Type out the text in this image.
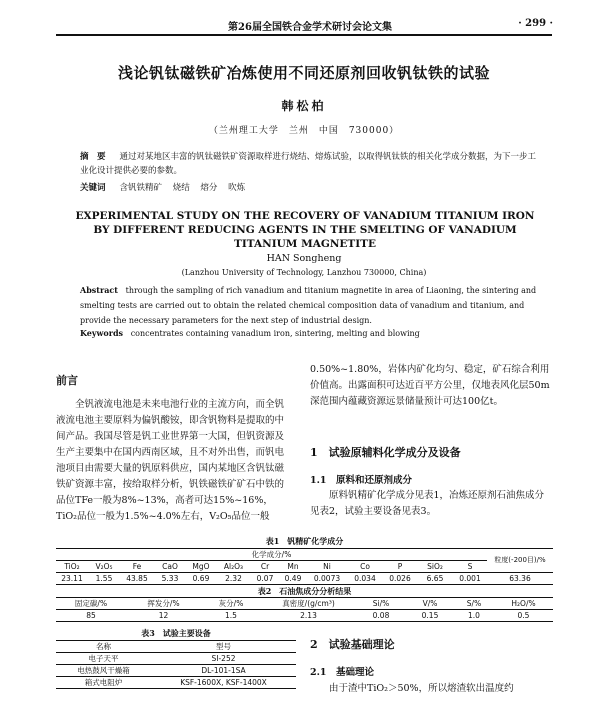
第26届全国铁合金学术研讨会论文集	· 299 ·
浅论钒钛磁铁矿冶炼使用不同还原剂回收钒钛铁的试验
韩松柏
（兰州理工大学　兰州　中国　730000）
摘　要 通过对某地区丰富的钒钛磁铁矿资源取样进行烧结、熔炼试验，以取得钒钛铁的相关化学成分数据，为下一步工业化设计提供必要的参数。
关键词 含钒铁精矿 烧结 熔分 吹炼
EXPERIMENTAL STUDY ON THE RECOVERY OF VANADIUM TITANIUM IRON BY DIFFERENT REDUCING AGENTS IN THE SMELTING OF VANADIUM TITANIUM MAGNETITE
HAN Songheng
(Lanzhou University of Technology, Lanzhou 730000, China)
Abstract through the sampling of rich vanadium and titanium magnetite in area of Liaoning, the sintering and smelting tests are carried out to obtain the related chemical composition data of vanadium and titanium, and provide the necessary parameters for the next step of industrial design.
Keywords concentrates containing vanadium iron, sintering, melting and blowing
前言
全钒液流电池是未来电池行业的主流方向，而全钒液流电池主要原料为偏钒酸铵，即含钒物料是提取的中间产品。我国尽管是钒工业世界第一大国，但钒资源及生产主要集中在国内西南区域，且不对外出售，而钒电池项目由需要大量的钒原料供应，国内某地区含钒钛磁铁矿资源丰富，按给取样分析，钒铁磁铁矿矿石中铁的品位TFe一般为8%~13%，高者可达15%~16%，TiO₂品位一般为1.5%~4.0%左右，V₂O₅品位一般
0.50%~1.80%，岩体内矿化均匀、稳定，矿石综合利用价值高。出露面积可达近百平方公里，仅地表风化层50m深范围内蕴藏资源远景储量预计可达100亿t。
1　试验原辅料化学成分及设备
1.1　原料和还原剂成分
原料钒精矿化学成分见表1，冶炼还原剂石油焦成分见表2，试验主要设备见表3。
表1　钒精矿化学成分
化学成分/%													粒度(-200目)/%
TiO₂	V₂O₅	Fe	CaO	MgO	Al₂O₃	Cr	Mn	Ni	Co	P	SiO₂	S	
23.11	1.55	43.85	5.33	0.69	2.32	0.07	0.49	0.0073	0.034	0.026	6.65	0.001	63.36
表2　石油焦成分分析结果
固定碳/%	挥发分/%	灰分/%	真密度/(g/cm³)	Si/%	V/%	S/%	H₂O/%
85	12	1.5	2.13	0.08	0.15	1.0	0.5
表3　试验主要设备
名称	型号
电子天平	SI-252
电热鼓风干燥箱	DL-101-1SA
箱式电阻炉	KSF-1600X, KSF-1400X
2　试验基础理论
2.1　基础理论
由于渣中TiO₂＞50%，所以熔渣软出温度约
